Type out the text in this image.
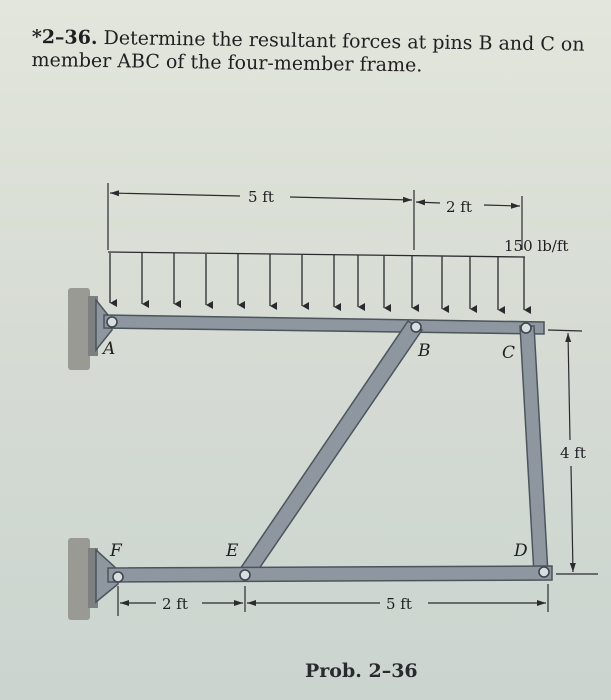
*2–36. Determine the resultant forces at pins B and C on
member ABC of the four-member frame.
5 ft
2 ft
150 lb/ft
A	B	C
D
E
F
4 ft
2 ft	5 ft
Prob. 2–36
